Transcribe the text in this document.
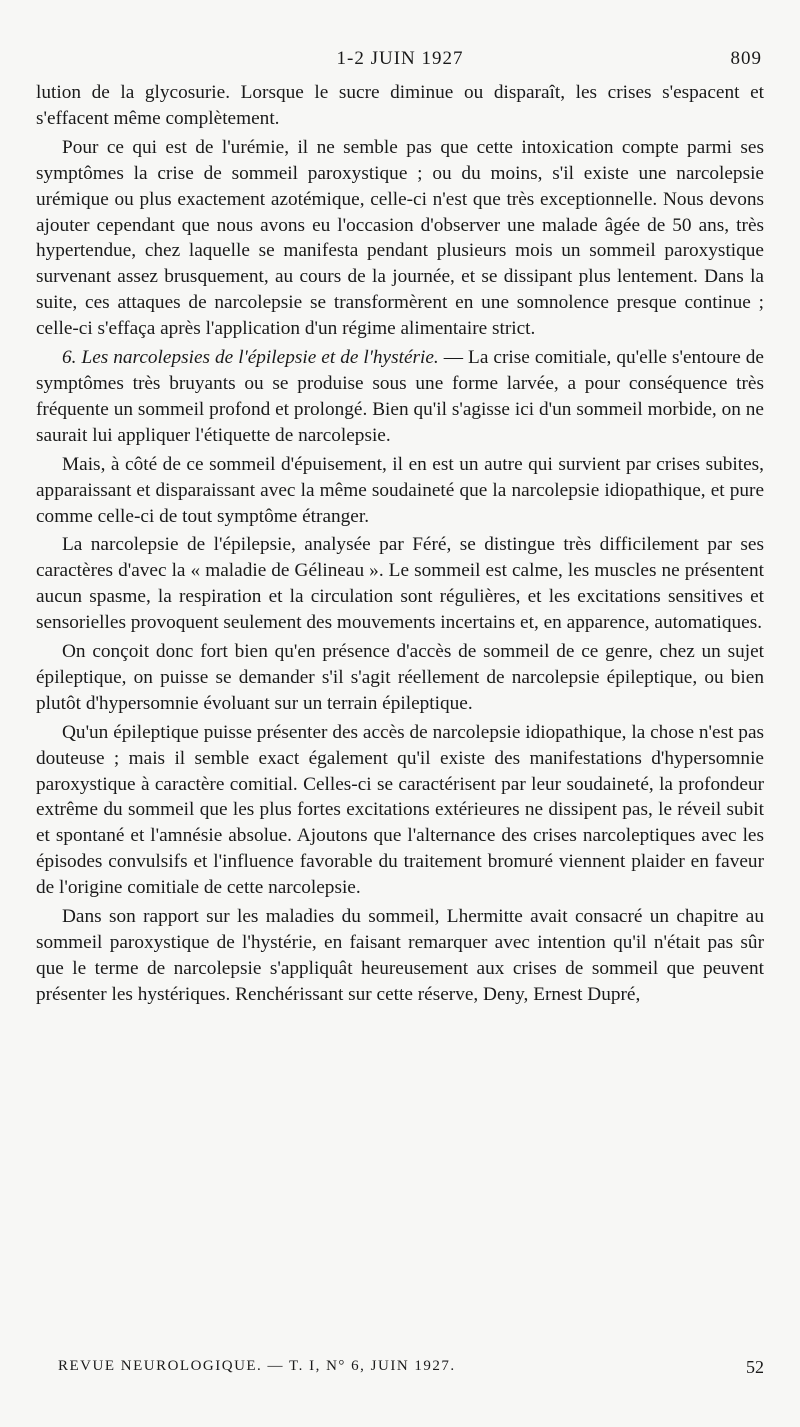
1-2 JUIN 1927	809

lution de la glycosurie. Lorsque le sucre diminue ou disparaît, les crises s'espacent et s'effacent même complètement.

Pour ce qui est de l'urémie, il ne semble pas que cette intoxication compte parmi ses symptômes la crise de sommeil paroxystique ; ou du moins, s'il existe une narcolepsie urémique ou plus exactement azotémique, celle-ci n'est que très exceptionnelle. Nous devons ajouter cependant que nous avons eu l'occasion d'observer une malade âgée de 50 ans, très hypertendue, chez laquelle se manifesta pendant plusieurs mois un sommeil paroxystique survenant assez brusquement, au cours de la journée, et se dissipant plus lentement. Dans la suite, ces attaques de narcolepsie se transformèrent en une somnolence presque continue ; celle-ci s'effaça après l'application d'un régime alimentaire strict.

6. Les narcolepsies de l'épilepsie et de l'hystérie. — La crise comitiale, qu'elle s'entoure de symptômes très bruyants ou se produise sous une forme larvée, a pour conséquence très fréquente un sommeil profond et prolongé. Bien qu'il s'agisse ici d'un sommeil morbide, on ne saurait lui appliquer l'étiquette de narcolepsie.

Mais, à côté de ce sommeil d'épuisement, il en est un autre qui survient par crises subites, apparaissant et disparaissant avec la même soudaineté que la narcolepsie idiopathique, et pure comme celle-ci de tout symptôme étranger.

La narcolepsie de l'épilepsie, analysée par Féré, se distingue très difficilement par ses caractères d'avec la « maladie de Gélineau ». Le sommeil est calme, les muscles ne présentent aucun spasme, la respiration et la circulation sont régulières, et les excitations sensitives et sensorielles provoquent seulement des mouvements incertains et, en apparence, automatiques.

On conçoit donc fort bien qu'en présence d'accès de sommeil de ce genre, chez un sujet épileptique, on puisse se demander s'il s'agit réellement de narcolepsie épileptique, ou bien plutôt d'hypersomnie évoluant sur un terrain épileptique.

Qu'un épileptique puisse présenter des accès de narcolepsie idiopathique, la chose n'est pas douteuse ; mais il semble exact également qu'il existe des manifestations d'hypersomnie paroxystique à caractère comitial. Celles-ci se caractérisent par leur soudaineté, la profondeur extrême du sommeil que les plus fortes excitations extérieures ne dissipent pas, le réveil subit et spontané et l'amnésie absolue. Ajoutons que l'alternance des crises narcoleptiques avec les épisodes convulsifs et l'influence favorable du traitement bromuré viennent plaider en faveur de l'origine comitiale de cette narcolepsie.

Dans son rapport sur les maladies du sommeil, Lhermitte avait consacré un chapitre au sommeil paroxystique de l'hystérie, en faisant remarquer avec intention qu'il n'était pas sûr que le terme de narcolepsie s'appliquât heureusement aux crises de sommeil que peuvent présenter les hystériques. Renchérissant sur cette réserve, Deny, Ernest Dupré,

REVUE NEUROLOGIQUE. — T. I, N° 6, JUIN 1927.	52
